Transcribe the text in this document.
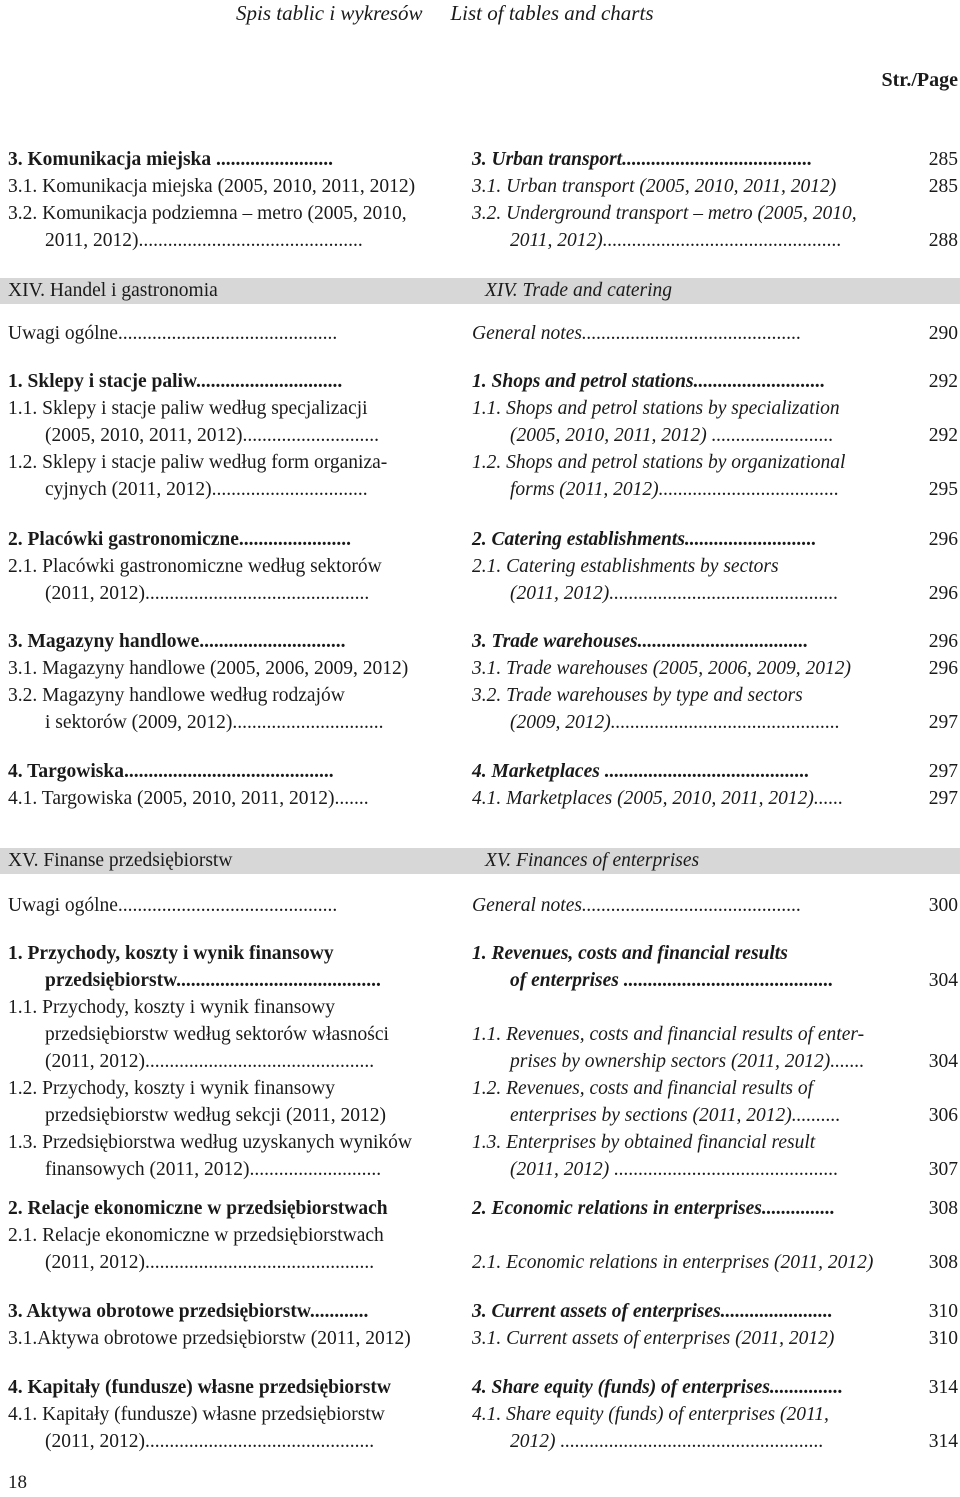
Spis tablic i wykresów List of tables and charts
Str./Page
3. Komunikacja miejska ........................
3.1. Komunikacja miejska (2005, 2010, 2011, 2012)
3.2. Komunikacja podziemna – metro (2005, 2010,
2011, 2012)..............................................
XIV. Handel i gastronomia
Uwagi ogólne.............................................
1. Sklepy i stacje paliw..............................
1.1. Sklepy i stacje paliw według specjalizacji
(2005, 2010, 2011, 2012)............................
1.2. Sklepy i stacje paliw według form organiza-
cyjnych (2011, 2012)................................
2. Placówki gastronomiczne.......................
2.1. Placówki gastronomiczne według sektorów
(2011, 2012)..............................................
3. Magazyny handlowe..............................
3.1. Magazyny handlowe (2005, 2006, 2009, 2012)
3.2. Magazyny handlowe według rodzajów
i sektorów (2009, 2012)...............................
4. Targowiska...........................................
4.1. Targowiska (2005, 2010, 2011, 2012).......
XV. Finanse przedsiębiorstw
Uwagi ogólne.............................................
1. Przychody, koszty i wynik finansowy
przedsiębiorstw..........................................
1.1. Przychody, koszty i wynik finansowy
przedsiębiorstw według sektorów własności
(2011, 2012)...............................................
1.2. Przychody, koszty i wynik finansowy
przedsiębiorstw według sekcji (2011, 2012)
1.3. Przedsiębiorstwa według uzyskanych wyników
finansowych (2011, 2012)...........................
2. Relacje ekonomiczne w przedsiębiorstwach
2.1. Relacje ekonomiczne w przedsiębiorstwach
(2011, 2012)...............................................
3. Aktywa obrotowe przedsiębiorstw............
3.1.Aktywa obrotowe przedsiębiorstw (2011, 2012)
4. Kapitały (fundusze) własne przedsiębiorstw
4.1. Kapitały (fundusze) własne przedsiębiorstw
(2011, 2012)...............................................
3. Urban transport.......................................
3.1. Urban transport (2005, 2010, 2011, 2012)
3.2. Underground transport – metro (2005, 2010,
2011, 2012).................................................
XIV. Trade and catering
General notes.............................................
1. Shops and petrol stations...........................
1.1. Shops and petrol stations by specialization
(2005, 2010, 2011, 2012) .........................
1.2. Shops and petrol stations by organizational
forms (2011, 2012).....................................
2. Catering establishments...........................
2.1. Catering establishments by sectors
(2011, 2012)...............................................
3. Trade warehouses...................................
3.1. Trade warehouses (2005, 2006, 2009, 2012)
3.2. Trade warehouses by type and sectors
(2009, 2012)...............................................
4. Marketplaces ..........................................
4.1. Marketplaces (2005, 2010, 2011, 2012)......
XV. Finances of enterprises
General notes.............................................
1. Revenues, costs and financial results
of enterprises ...........................................
1.1. Revenues, costs and financial results of enter-
prises by ownership sectors (2011, 2012).......
1.2. Revenues, costs and financial results of
enterprises by sections (2011, 2012)..........
1.3. Enterprises by obtained financial result
(2011, 2012) ..............................................
2. Economic relations in enterprises...............
2.1. Economic relations in enterprises (2011, 2012)
3. Current assets of enterprises.......................
3.1. Current assets of enterprises (2011, 2012)
4. Share equity (funds) of enterprises...............
4.1. Share equity (funds) of enterprises (2011,
2012) ......................................................
285
285
288
290
292
292
295
296
296
296
296
297
297
297
300
304
304
306
307
308
308
310
310
314
314
18
